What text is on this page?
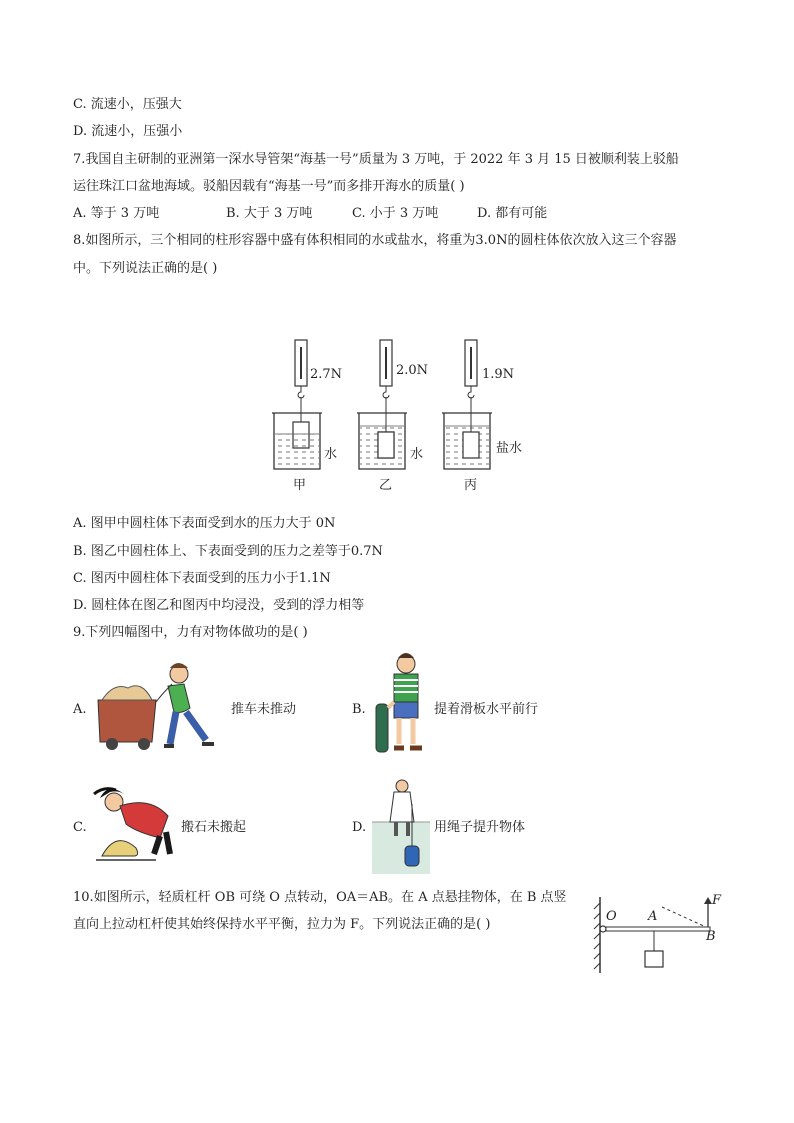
C. 流速小，压强大
D. 流速小，压强小
7.我国自主研制的亚洲第一深水导管架“海基一号”质量为 3 万吨，于 2022 年 3 月 15 日被顺利装上驳船
运往珠江口盆地海域。驳船因载有“海基一号”而多排开海水的质量( )
A. 等于 3 万吨	B. 大于 3 万吨	C. 小于 3 万吨	D. 都有可能
8.如图所示，三个相同的柱形容器中盛有体积相同的水或盐水，将重为3.0N的圆柱体依次放入这三个容器
中。下列说法正确的是( )
2.7N	2.0N	1.9N
水	水	盐水
甲	乙	丙
A. 图甲中圆柱体下表面受到水的压力大于 0N
B. 图乙中圆柱体上、下表面受到的压力之差等于0.7N
C. 图丙中圆柱体下表面受到的压力小于1.1N
D. 圆柱体在图乙和图丙中均浸没，受到的浮力相等
9.下列四幅图中，力有对物体做功的是( )
A.	推车未推动	B.	提着滑板水平前行
C.	搬石未搬起	D.	用绳子提升物体
10.如图所示，轻质杠杆 OB 可绕 O 点转动，OA＝AB。在 A 点悬挂物体，在 B 点竖
直向上拉动杠杆使其始终保持水平平衡，拉力为 F。下列说法正确的是( )
O A
B
F
